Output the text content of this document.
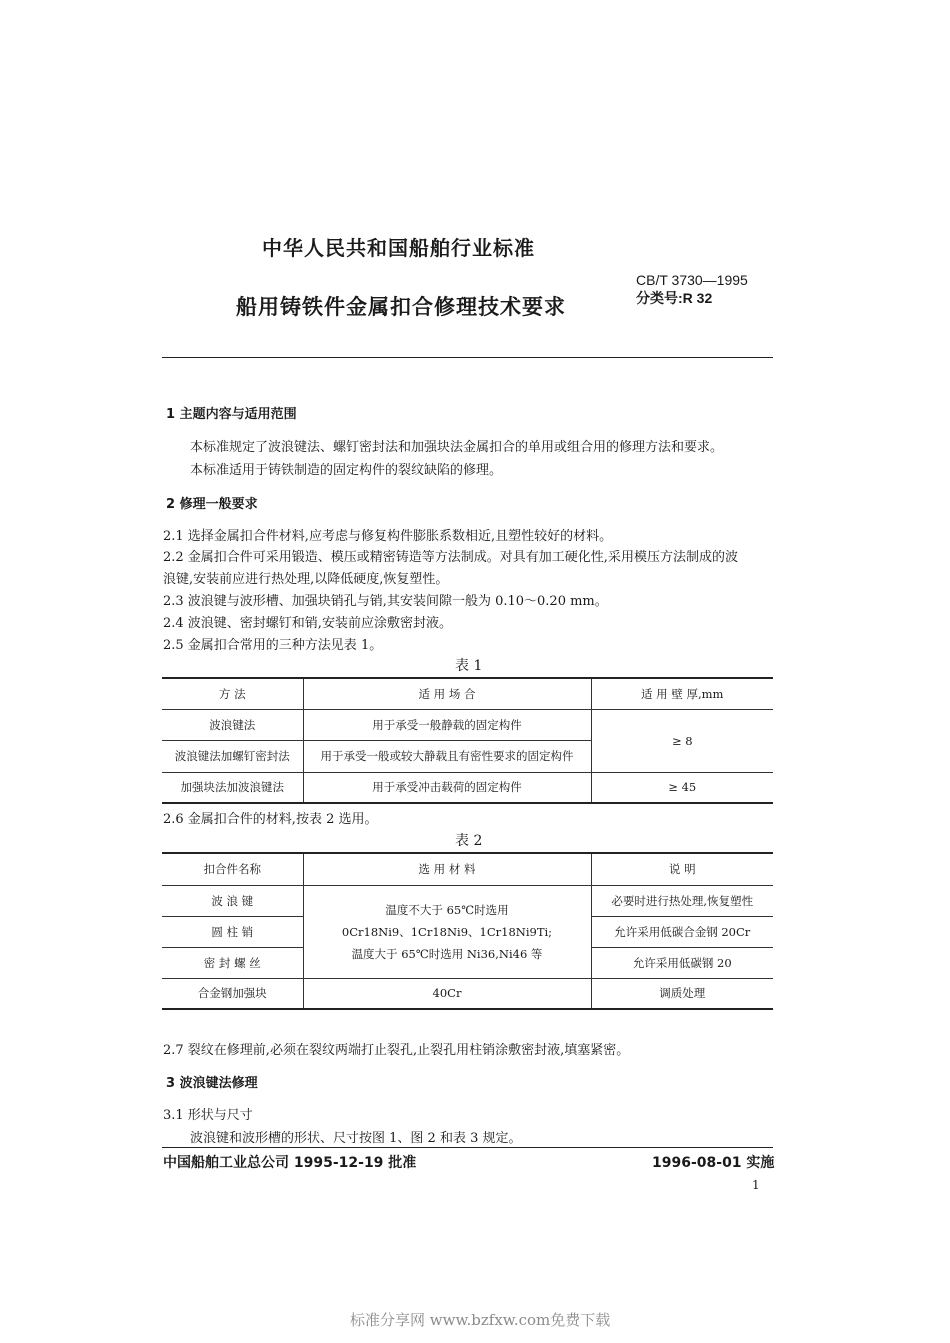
中华人民共和国船舶行业标准
CB/T 3730—1995
分类号:R 32
船用铸铁件金属扣合修理技术要求
1 主题内容与适用范围
本标准规定了波浪键法、螺钉密封法和加强块法金属扣合的单用或组合用的修理方法和要求。
本标准适用于铸铁制造的固定构件的裂纹缺陷的修理。
2 修理一般要求
2.1 选择金属扣合件材料,应考虑与修复构件膨胀系数相近,且塑性较好的材料。
2.2 金属扣合件可采用锻造、模压或精密铸造等方法制成。对具有加工硬化性,采用模压方法制成的波
浪键,安装前应进行热处理,以降低硬度,恢复塑性。
2.3 波浪键与波形槽、加强块销孔与销,其安装间隙一般为 0.10～0.20 mm。
2.4 波浪键、密封螺钉和销,安装前应涂敷密封液。
2.5 金属扣合常用的三种方法见表 1。
表 1
方 法	适 用 场 合	适 用 壁 厚,mm
波浪键法	用于承受一般静载的固定构件	≥ 8
波浪键法加螺钉密封法	用于承受一般或较大静载且有密性要求的固定构件	
加强块法加波浪键法	用于承受冲击载荷的固定构件	≥ 45
2.6 金属扣合件的材料,按表 2 选用。
表 2
扣合件名称	选 用 材 料	说 明
波 浪 键	温度不大于 65℃时选用
0Cr18Ni9、1Cr18Ni9、1Cr18Ni9Ti;
温度大于 65℃时选用 Ni36,Ni46 等	必要时进行热处理,恢复塑性
圆 柱 销		允许采用低碳合金钢 20Cr
密 封 螺 丝		允许采用低碳钢 20
合金钢加强块	40Cr	调质处理
2.7 裂纹在修理前,必须在裂纹两端打止裂孔,止裂孔用柱销涂敷密封液,填塞紧密。
3 波浪键法修理
3.1 形状与尺寸
波浪键和波形槽的形状、尺寸按图 1、图 2 和表 3 规定。
中国船舶工业总公司 1995-12-19 批准	1996-08-01 实施
1
标准分享网 www.bzfxw.com免费下载
